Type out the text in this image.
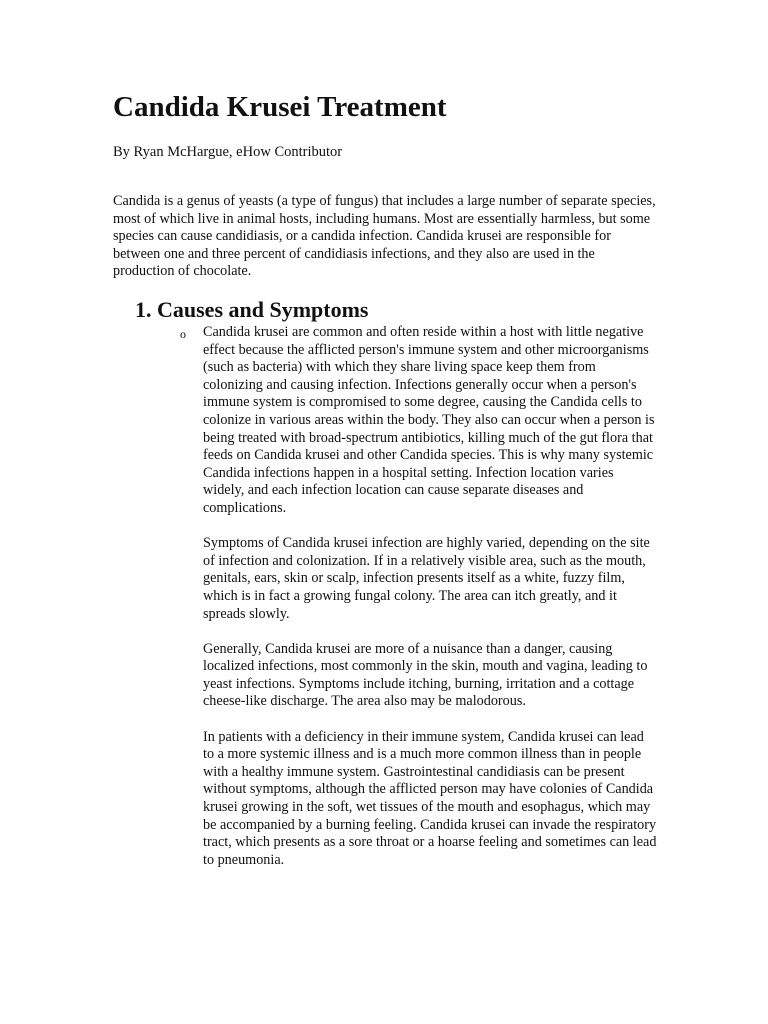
Candida Krusei Treatment

By Ryan McHargue, eHow Contributor

Candida is a genus of yeasts (a type of fungus) that includes a large number of separate species, most of which live in animal hosts, including humans. Most are essentially harmless, but some species can cause candidiasis, or a candida infection. Candida krusei are responsible for between one and three percent of candidiasis infections, and they also are used in the production of chocolate.

1. Causes and Symptoms
o Candida krusei are common and often reside within a host with little negative effect because the afflicted person's immune system and other microorganisms (such as bacteria) with which they share living space keep them from colonizing and causing infection. Infections generally occur when a person's immune system is compromised to some degree, causing the Candida cells to colonize in various areas within the body. They also can occur when a person is being treated with broad-spectrum antibiotics, killing much of the gut flora that feeds on Candida krusei and other Candida species. This is why many systemic Candida infections happen in a hospital setting. Infection location varies widely, and each infection location can cause separate diseases and complications.

Symptoms of Candida krusei infection are highly varied, depending on the site of infection and colonization. If in a relatively visible area, such as the mouth, genitals, ears, skin or scalp, infection presents itself as a white, fuzzy film, which is in fact a growing fungal colony. The area can itch greatly, and it spreads slowly.

Generally, Candida krusei are more of a nuisance than a danger, causing localized infections, most commonly in the skin, mouth and vagina, leading to yeast infections. Symptoms include itching, burning, irritation and a cottage cheese-like discharge. The area also may be malodorous.

In patients with a deficiency in their immune system, Candida krusei can lead to a more systemic illness and is a much more common illness than in people with a healthy immune system. Gastrointestinal candidiasis can be present without symptoms, although the afflicted person may have colonies of Candida krusei growing in the soft, wet tissues of the mouth and esophagus, which may be accompanied by a burning feeling. Candida krusei can invade the respiratory tract, which presents as a sore throat or a hoarse feeling and sometimes can lead to pneumonia.
